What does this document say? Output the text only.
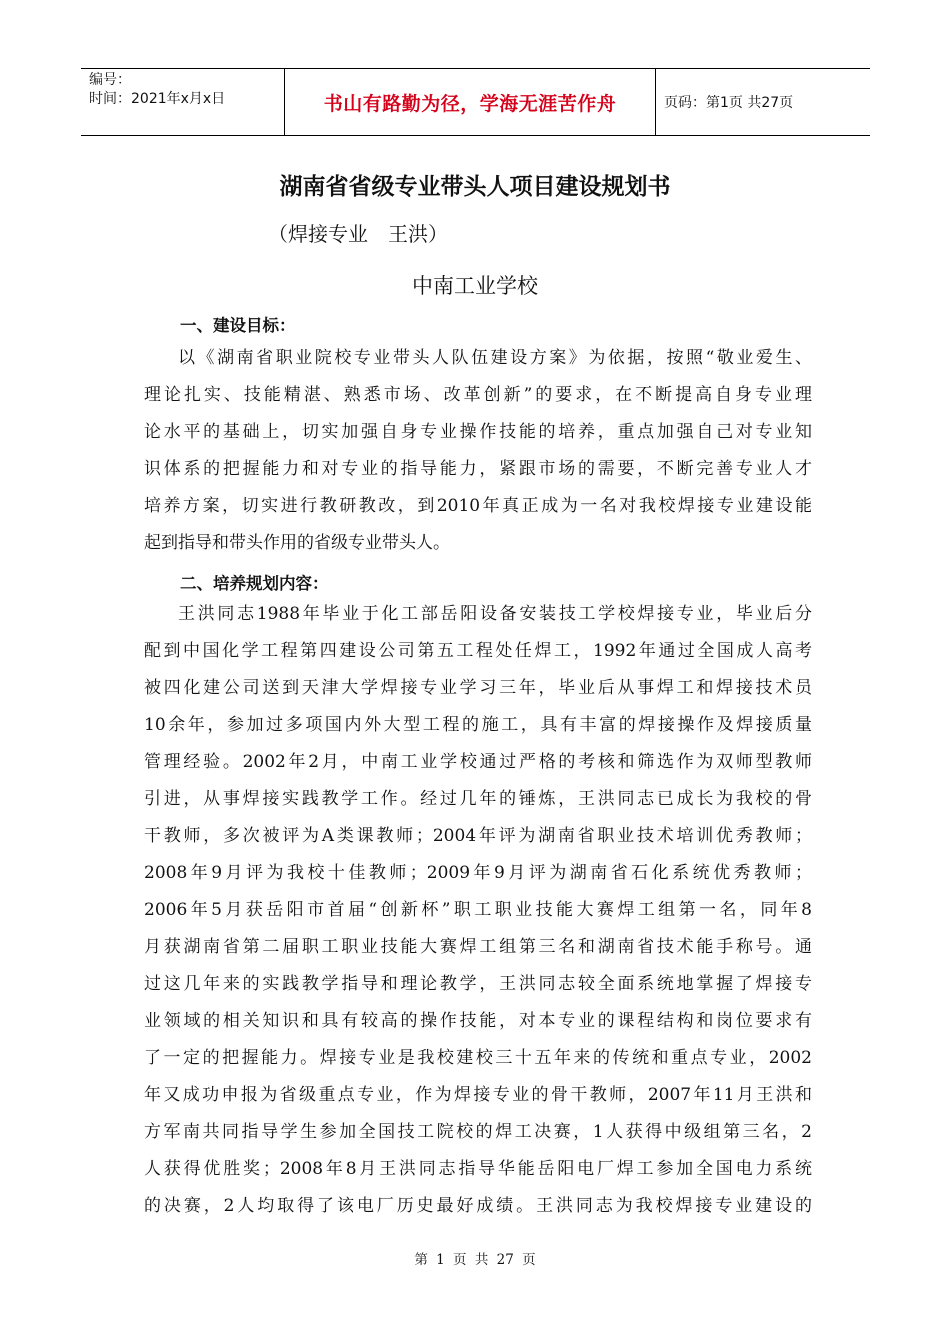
编号：
时间：2021年x月x日	书山有路勤为径，学海无涯苦作舟	页码：第1页 共27页
湖南省省级专业带头人项目建设规划书
（焊接专业　王洪）
中南工业学校
一、建设目标：
以《湖南省职业院校专业带头人队伍建设方案》为依据，按照“敬业爱生、
理论扎实、技能精湛、熟悉市场、改革创新”的要求，在不断提高自身专业理
论水平的基础上，切实加强自身专业操作技能的培养，重点加强自己对专业知
识体系的把握能力和对专业的指导能力，紧跟市场的需要，不断完善专业人才
培养方案，切实进行教研教改，到2010年真正成为一名对我校焊接专业建设能
起到指导和带头作用的省级专业带头人。
二、培养规划内容：
王洪同志1988年毕业于化工部岳阳设备安装技工学校焊接专业，毕业后分
配到中国化学工程第四建设公司第五工程处任焊工，1992年通过全国成人高考
被四化建公司送到天津大学焊接专业学习三年，毕业后从事焊工和焊接技术员
10余年，参加过多项国内外大型工程的施工，具有丰富的焊接操作及焊接质量
管理经验。2002年2月，中南工业学校通过严格的考核和筛选作为双师型教师
引进，从事焊接实践教学工作。经过几年的锤炼，王洪同志已成长为我校的骨
干教师，多次被评为A类课教师；2004年评为湖南省职业技术培训优秀教师；
2008年9月评为我校十佳教师；2009年9月评为湖南省石化系统优秀教师；
2006年5月获岳阳市首届“创新杯”职工职业技能大赛焊工组第一名，同年8
月获湖南省第二届职工职业技能大赛焊工组第三名和湖南省技术能手称号。通
过这几年来的实践教学指导和理论教学，王洪同志较全面系统地掌握了焊接专
业领域的相关知识和具有较高的操作技能，对本专业的课程结构和岗位要求有
了一定的把握能力。焊接专业是我校建校三十五年来的传统和重点专业，2002
年又成功申报为省级重点专业，作为焊接专业的骨干教师，2007年11月王洪和
方军南共同指导学生参加全国技工院校的焊工决赛，1人获得中级组第三名，2
人获得优胜奖；2008年8月王洪同志指导华能岳阳电厂焊工参加全国电力系统
的决赛，2人均取得了该电厂历史最好成绩。王洪同志为我校焊接专业建设的
第 1 页 共 27 页
